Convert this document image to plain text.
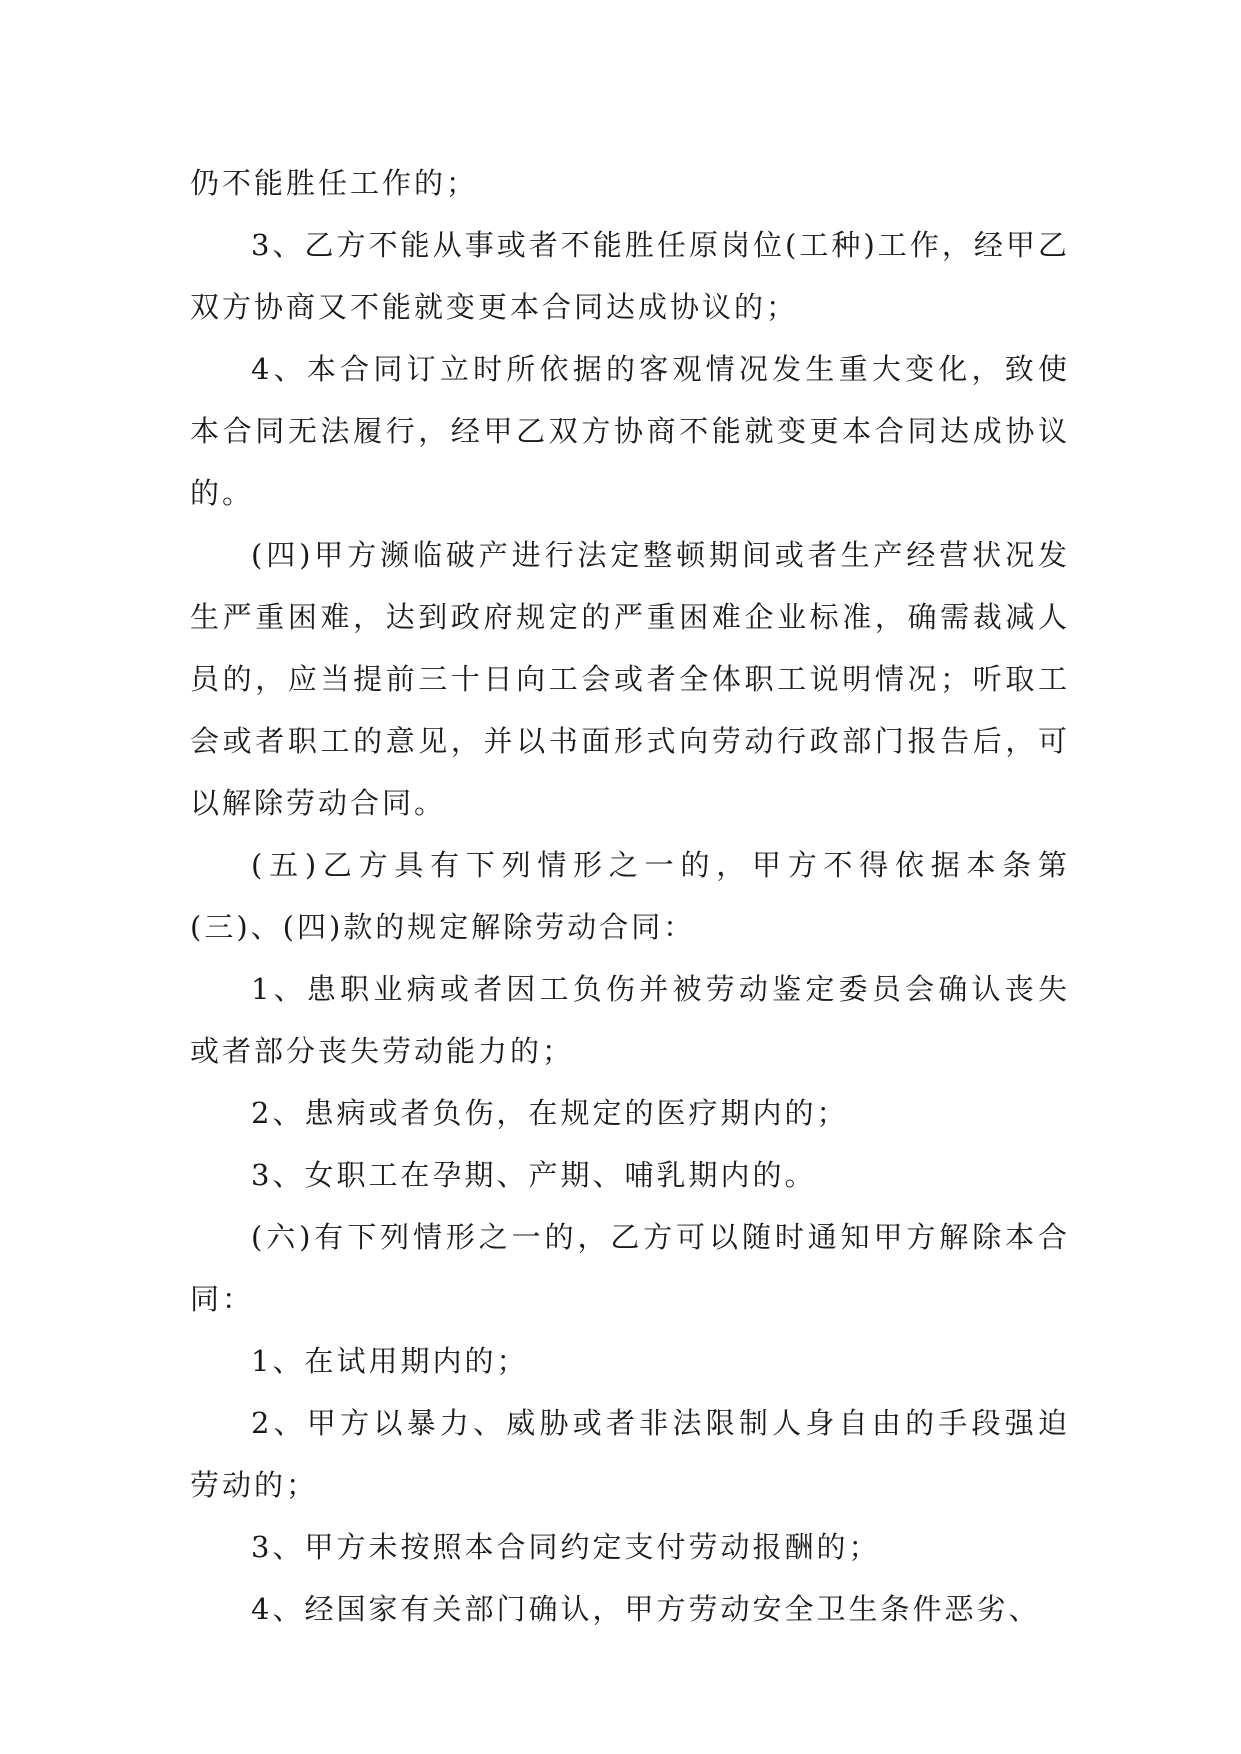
仍不能胜任工作的；

3、乙方不能从事或者不能胜任原岗位(工种)工作，经甲乙双方协商又不能就变更本合同达成协议的；

4、本合同订立时所依据的客观情况发生重大变化，致使本合同无法履行，经甲乙双方协商不能就变更本合同达成协议的。

(四)甲方濒临破产进行法定整顿期间或者生产经营状况发生严重困难，达到政府规定的严重困难企业标准，确需裁减人员的，应当提前三十日向工会或者全体职工说明情况；听取工会或者职工的意见，并以书面形式向劳动行政部门报告后，可以解除劳动合同。

(五)乙方具有下列情形之一的，甲方不得依据本条第(三)、(四)款的规定解除劳动合同：

1、患职业病或者因工负伤并被劳动鉴定委员会确认丧失或者部分丧失劳动能力的；

2、患病或者负伤，在规定的医疗期内的；

3、女职工在孕期、产期、哺乳期内的。

(六)有下列情形之一的，乙方可以随时通知甲方解除本合同：

1、在试用期内的；

2、甲方以暴力、威胁或者非法限制人身自由的手段强迫劳动的；

3、甲方未按照本合同约定支付劳动报酬的；

4、经国家有关部门确认，甲方劳动安全卫生条件恶劣、
